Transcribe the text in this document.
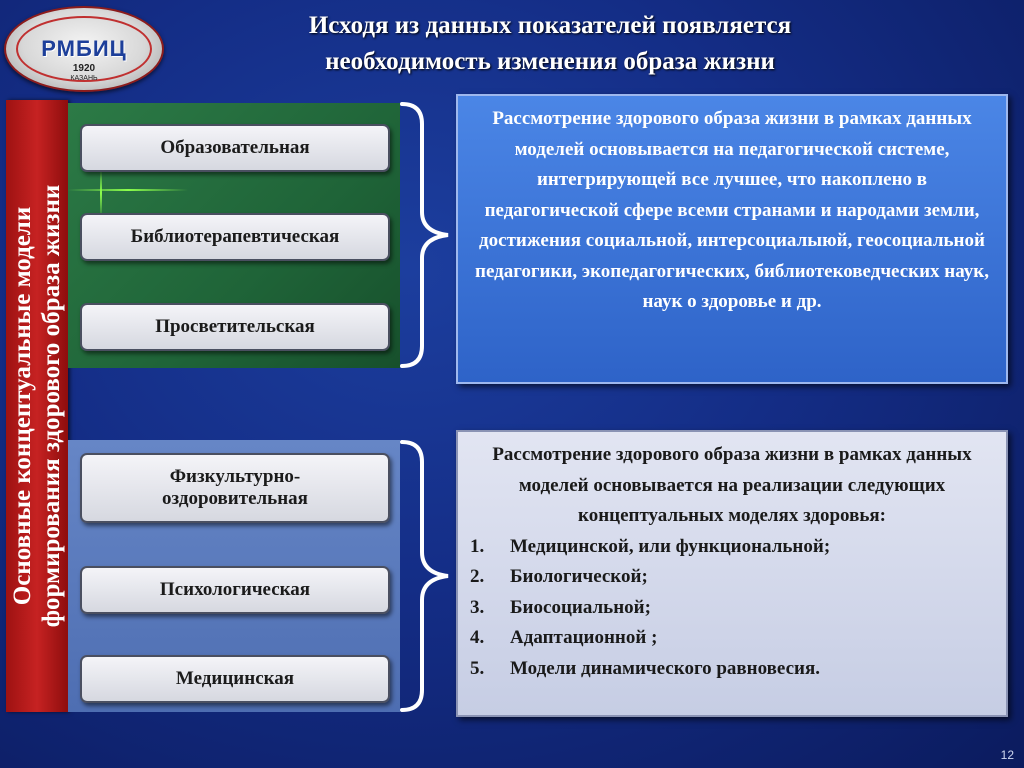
РМБИЦ
1920
КАЗАНЬ
Исходя из данных показателей появляется
необходимость изменения образа жизни
Основные концептуальные модели формирования здорового образа жизни
Образовательная
Библиотерапевтическая
Просветительская
Физкультурно-
оздоровительная
Психологическая
Медицинская
Рассмотрение здорового образа жизни в рамках данных моделей основывается на педагогической системе, интегрирующей все лучшее, что накоплено в педагогической сфере всеми странами и народами земли, достижения социальной, интерсоциалыюй, геосоциальной педагогики, экопедагогических, библиотековедческих наук, наук о здоровье и др.
Рассмотрение здорового образа жизни в рамках данных моделей основывается на реализации следующих концептуальных моделях здоровья:
1.	Медицинской, или функциональной;
2.	Биологической;
3.	Биосоциальной;
4.	Адаптационной ;
5.	Модели динамического равновесия.
12
